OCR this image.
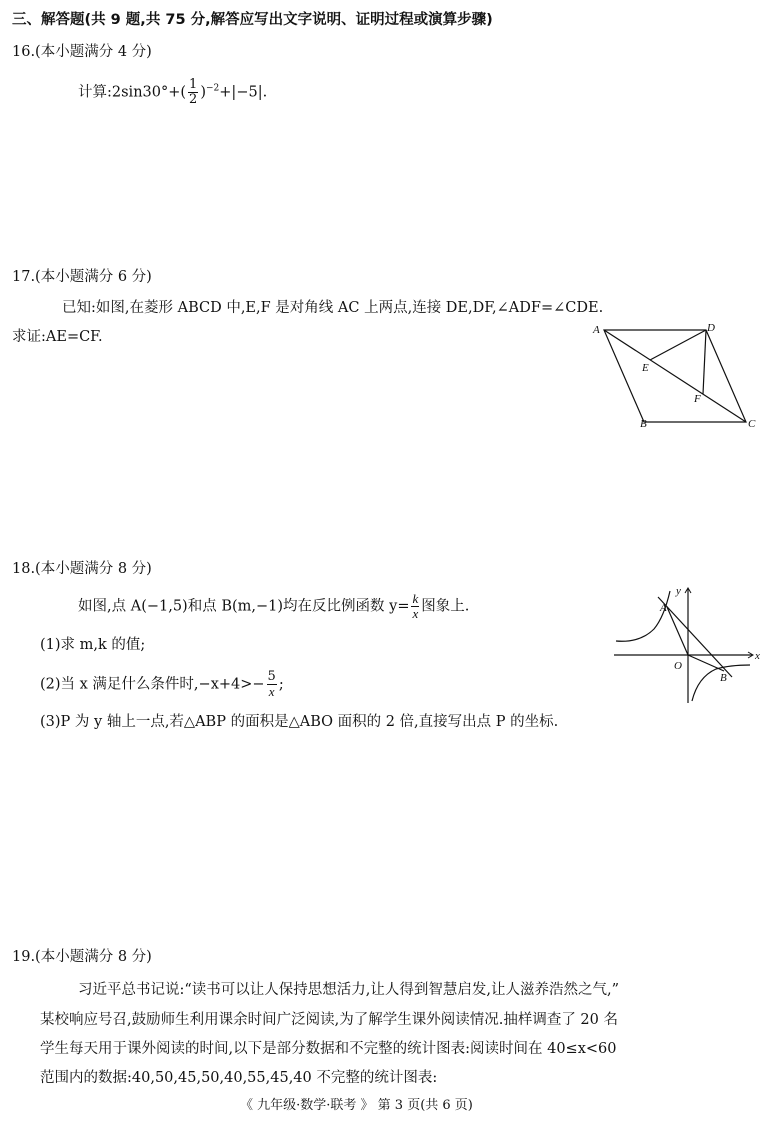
三、解答题(共 9 题,共 75 分,解答应写出文字说明、证明过程或演算步骤)
16.(本小题满分 4 分)
计算:2sin30°+( $\frac{1}{2} )^{-2}+|-5|$.
17.(本小题满分 6 分)
已知:如图,在菱形 ABCD 中,E,F 是对角线 AC 上两点,连接 DE,DF,∠ADF=∠CDE.
求证:AE=CF.	A	D
C
B
E
F
18.(本小题满分 8 分)
如图,点 A(−1,5)和点 B(m,−1)均在反比例函数 $y= \frac{k}{x}$ 图象上.
(1)求 m,k 的值;
(2)当 x 满足什么条件时$,-x+4>- \frac{5}{x}$ ;
(3)P 为 y 轴上一点,若△ABP 的面积是△ABO 面积的 2 倍,直接写出点 P 的坐标.
x
y
O
A
B
19.(本小题满分 8 分)
习近平总书记说:“读书可以让人保持思想活力,让人得到智慧启发,让人滋养浩然之气,”
某校响应号召,鼓励师生利用课余时间广泛阅读,为了解学生课外阅读情况.抽样调查了 20 名
学生每天用于课外阅读的时间,以下是部分数据和不完整的统计图表:阅读时间在 40≤x<60
范围内的数据:40,50,45,50,40,55,45,40 不完整的统计图表:
《 九年级·数学·联考 》 第 3 页(共 6 页)
